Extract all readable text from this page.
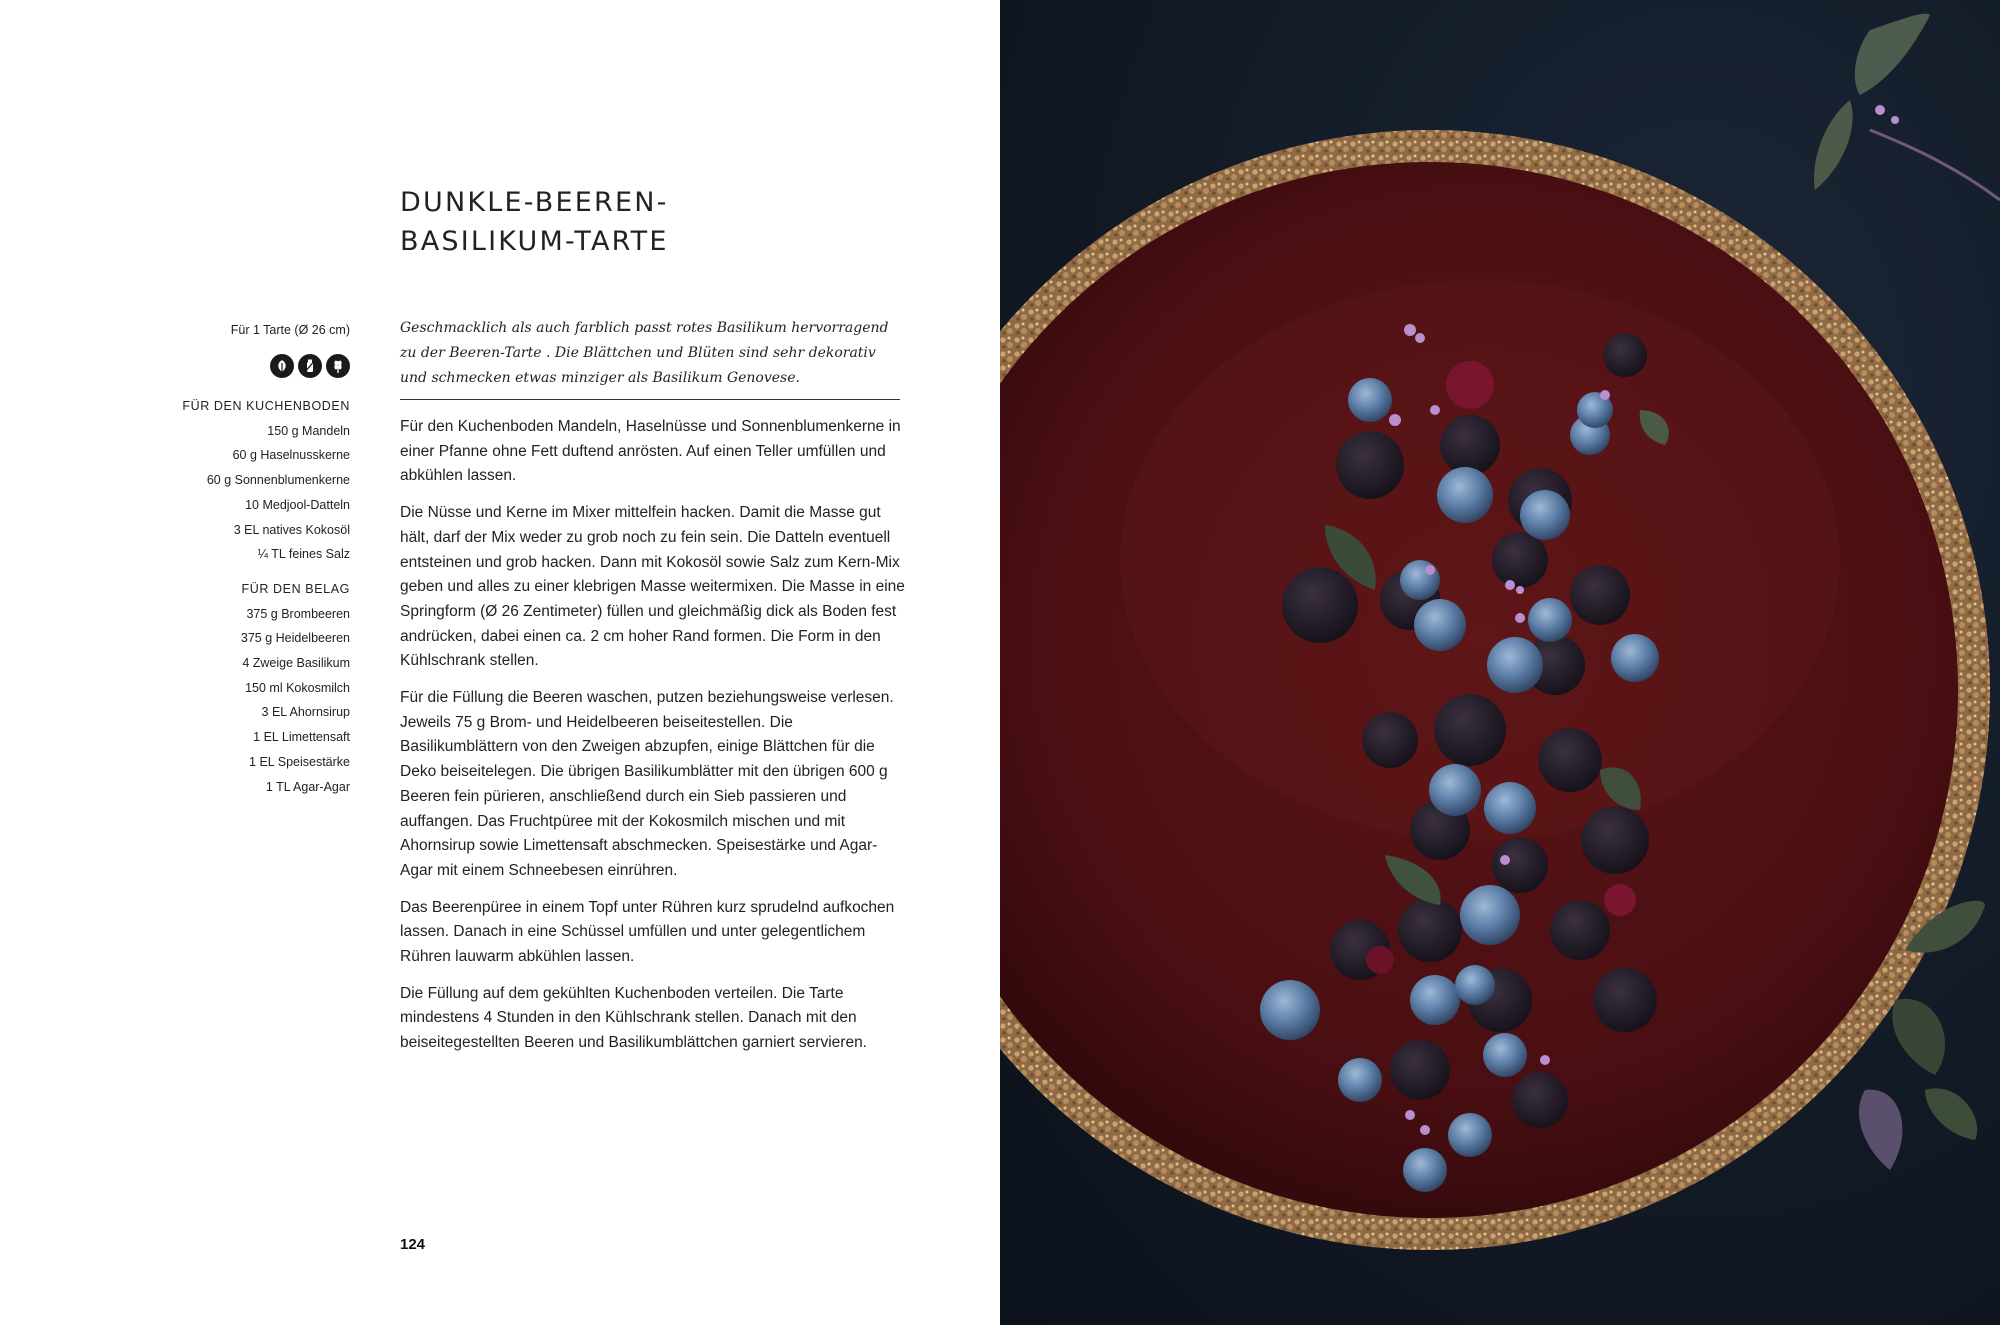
DUNKLE-BEEREN-
BASILIKUM-TARTE
Für 1 Tarte (Ø 26 cm)
FÜR DEN KUCHENBODEN
150 g Mandeln
60 g Haselnusskerne
60 g Sonnenblumenkerne
10 Medjool-Datteln
3 EL natives Kokosöl
¼ TL feines Salz
FÜR DEN BELAG
375 g Brombeeren
375 g Heidelbeeren
4 Zweige Basilikum
150 ml Kokosmilch
3 EL Ahornsirup
1 EL Limettensaft
1 EL Speisestärke
1 TL Agar-Agar
Geschmacklich als auch farblich passt rotes Basilikum hervorragend zu der Beeren-Tarte . Die Blättchen und Blüten sind sehr dekorativ und schmecken etwas minziger als Basilikum Genovese.

Für den Kuchenboden Mandeln, Haselnüsse und Sonnenblumenkerne in einer Pfanne ohne Fett duftend anrösten. Auf einen Teller umfüllen und abkühlen lassen.

Die Nüsse und Kerne im Mixer mittelfein hacken. Damit die Masse gut hält, darf der Mix weder zu grob noch zu fein sein. Die Datteln eventuell entsteinen und grob hacken. Dann mit Kokosöl sowie Salz zum Kern-Mix geben und alles zu einer klebrigen Masse weitermixen. Die Masse in eine Springform (Ø 26 Zentimeter) füllen und gleichmäßig dick als Boden fest andrücken, dabei einen ca. 2 cm hoher Rand formen. Die Form in den Kühlschrank stellen.

Für die Füllung die Beeren waschen, putzen beziehungsweise verlesen. Jeweils 75 g Brom- und Heidelbeeren beiseitestellen. Die Basilikumblättern von den Zweigen abzupfen, einige Blättchen für die Deko beiseitelegen. Die übrigen Basilikumblätter mit den übrigen 600 g Beeren fein pürieren, anschließend durch ein Sieb passieren und auffangen. Das Fruchtpüree mit der Kokosmilch mischen und mit Ahornsirup sowie Limettensaft abschmecken. Speisestärke und Agar-Agar mit einem Schneebesen einrühren.

Das Beerenpüree in einem Topf unter Rühren kurz sprudelnd aufkochen lassen. Danach in eine Schüssel umfüllen und unter gelegentlichem Rühren lauwarm abkühlen lassen.

Die Füllung auf dem gekühlten Kuchenboden verteilen. Die Tarte mindestens 4 Stunden in den Kühlschrank stellen. Danach mit den beiseitegestellten Beeren und Basilikumblättchen garniert servieren.

124
